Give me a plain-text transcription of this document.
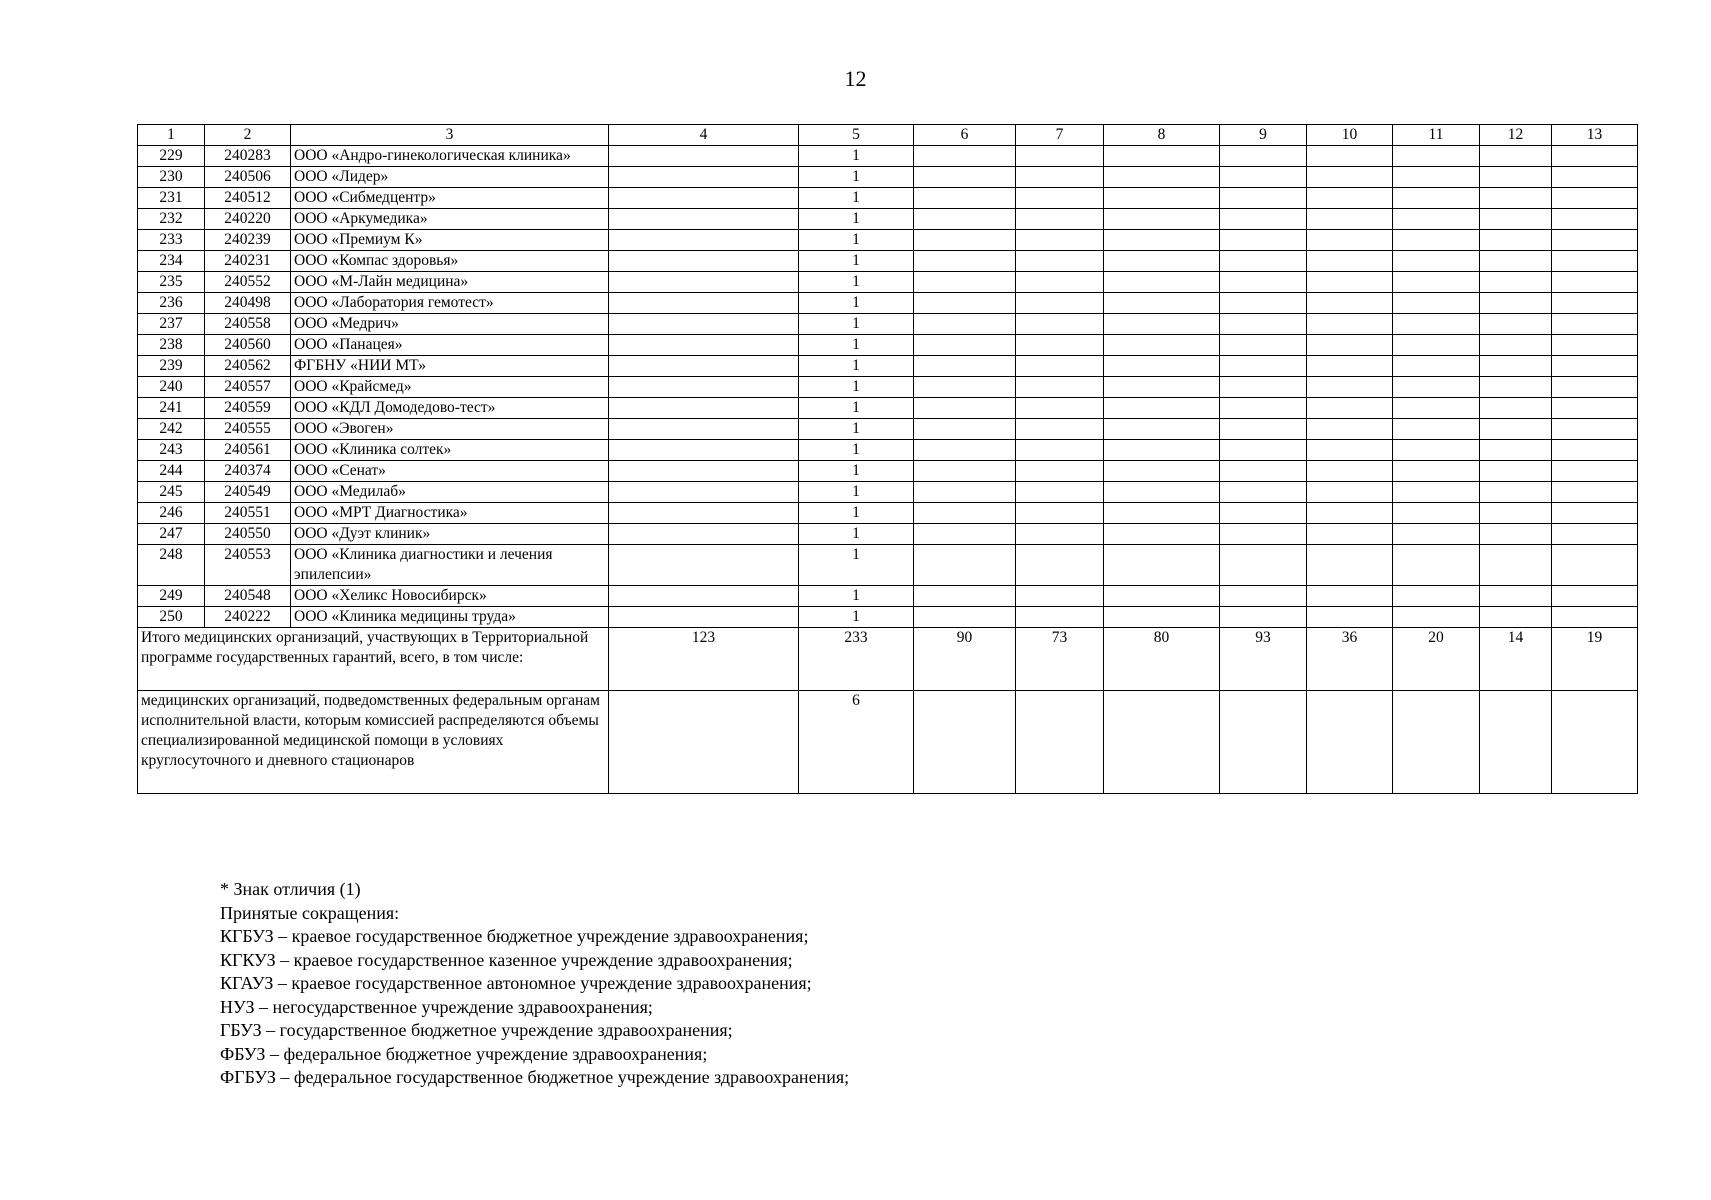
12
1	2	3	4	5	6	7	8	9	10	11	12	13
229	240283	ООО «Андро-гинекологическая клиника»		1								
230	240506	ООО «Лидер»		1								
231	240512	ООО «Сибмедцентр»		1								
232	240220	ООО «Аркумедика»		1								
233	240239	ООО «Премиум К»		1								
234	240231	ООО «Компас здоровья»		1								
235	240552	ООО «М-Лайн медицина»		1								
236	240498	ООО «Лаборатория гемотест»		1								
237	240558	ООО «Медрич»		1								
238	240560	ООО «Панацея»		1								
239	240562	ФГБНУ «НИИ МТ»		1								
240	240557	ООО «Крайсмед»		1								
241	240559	ООО «КДЛ Домодедово-тест»		1								
242	240555	ООО «Эвоген»		1								
243	240561	ООО «Клиника солтек»		1								
244	240374	ООО «Сенат»		1								
245	240549	ООО «Медилаб»		1								
246	240551	ООО «МРТ Диагностика»		1								
247	240550	ООО «Дуэт клиник»		1								
248	240553	ООО «Клиника диагностики и лечения эпилепсии»		1								
249	240548	ООО «Хеликс Новосибирск»		1								
250	240222	ООО «Клиника медицины труда»		1								
Итого медицинских организаций, участвующих в Территориальной программе государственных гарантий, всего, в том числе:			123	233	90	73	80	93	36	20	14	19
медицинских организаций, подведомственных федеральным органам исполнительной власти, которым комиссией распределяются объемы специализированной медицинской помощи в условиях круглосуточного и дневного стационаров				6								
* Знак отличия (1)
Принятые сокращения:
КГБУЗ – краевое государственное бюджетное учреждение здравоохранения;
КГКУЗ – краевое государственное казенное учреждение здравоохранения;
КГАУЗ – краевое государственное автономное учреждение здравоохранения;
НУЗ – негосударственное учреждение здравоохранения;
ГБУЗ – государственное бюджетное учреждение здравоохранения;
ФБУЗ – федеральное бюджетное учреждение здравоохранения;
ФГБУЗ – федеральное государственное бюджетное учреждение здравоохранения;
